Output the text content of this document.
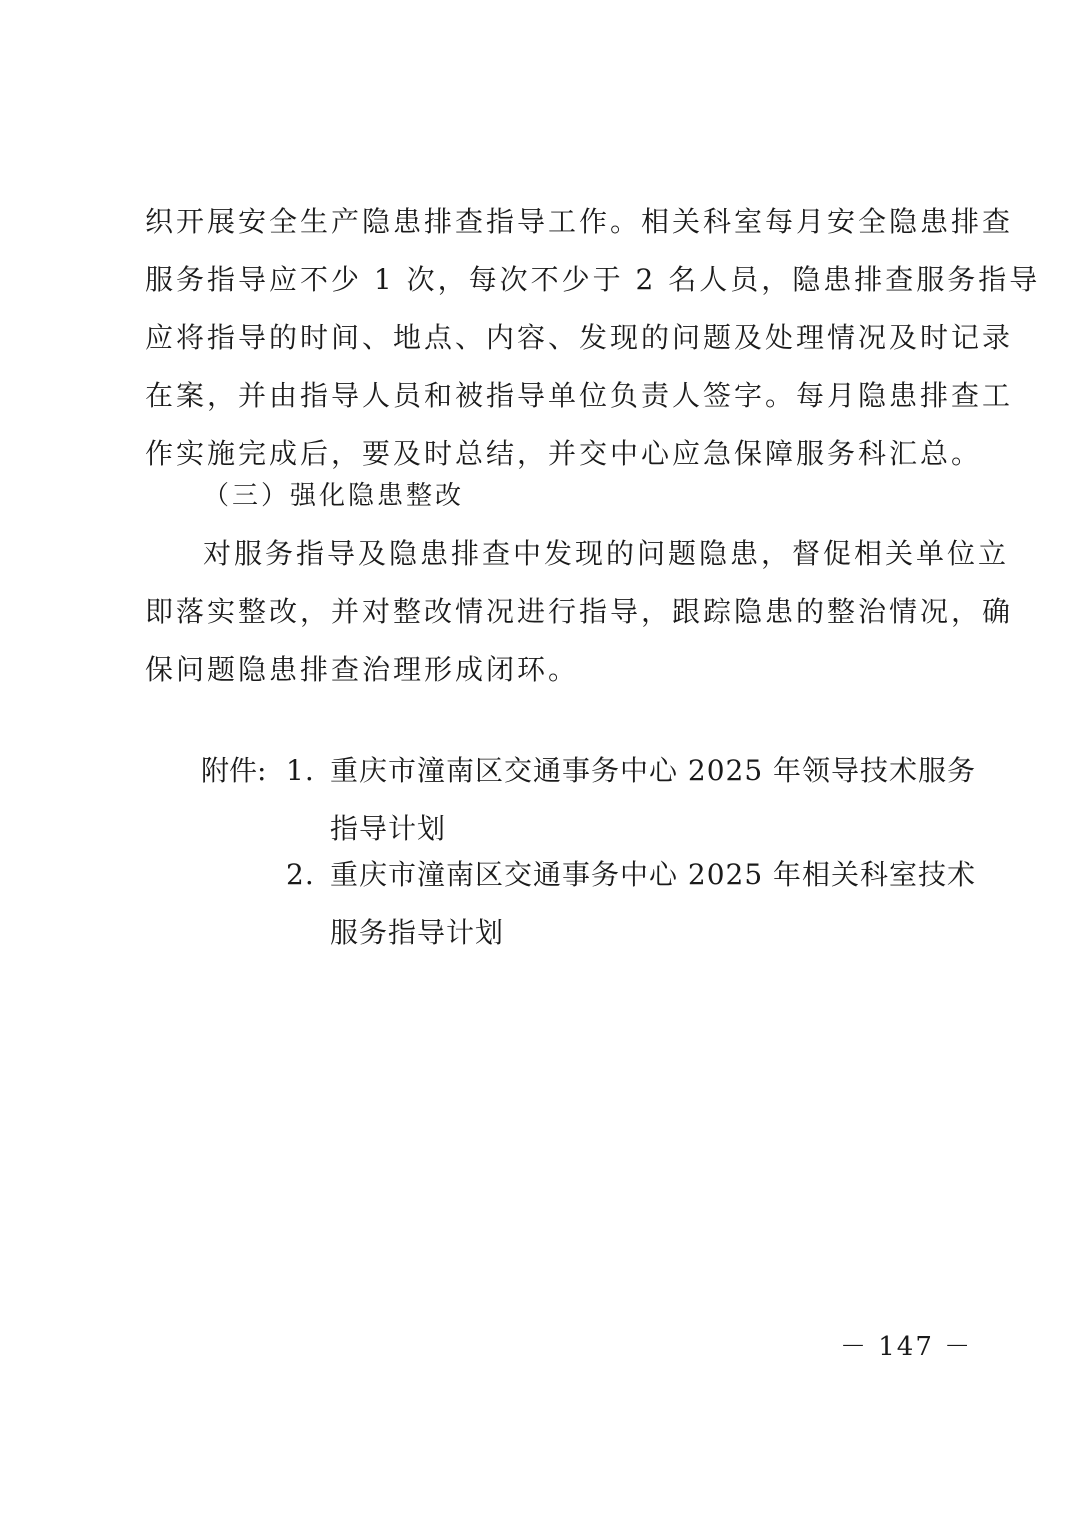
织开展安全生产隐患排查指导工作。相关科室每月安全隐患排查
服务指导应不少 1 次，每次不少于 2 名人员，隐患排查服务指导
应将指导的时间、地点、内容、发现的问题及处理情况及时记录
在案，并由指导人员和被指导单位负责人签字。每月隐患排查工
作实施完成后，要及时总结，并交中心应急保障服务科汇总。
（三）强化隐患整改
对服务指导及隐患排查中发现的问题隐患，督促相关单位立
即落实整改，并对整改情况进行指导，跟踪隐患的整治情况，确
保问题隐患排查治理形成闭环。
附件: 1. 重庆市潼南区交通事务中心 2025 年领导技术服务
指导计划
2. 重庆市潼南区交通事务中心 2025 年相关科室技术
服务指导计划
－ 147 －
